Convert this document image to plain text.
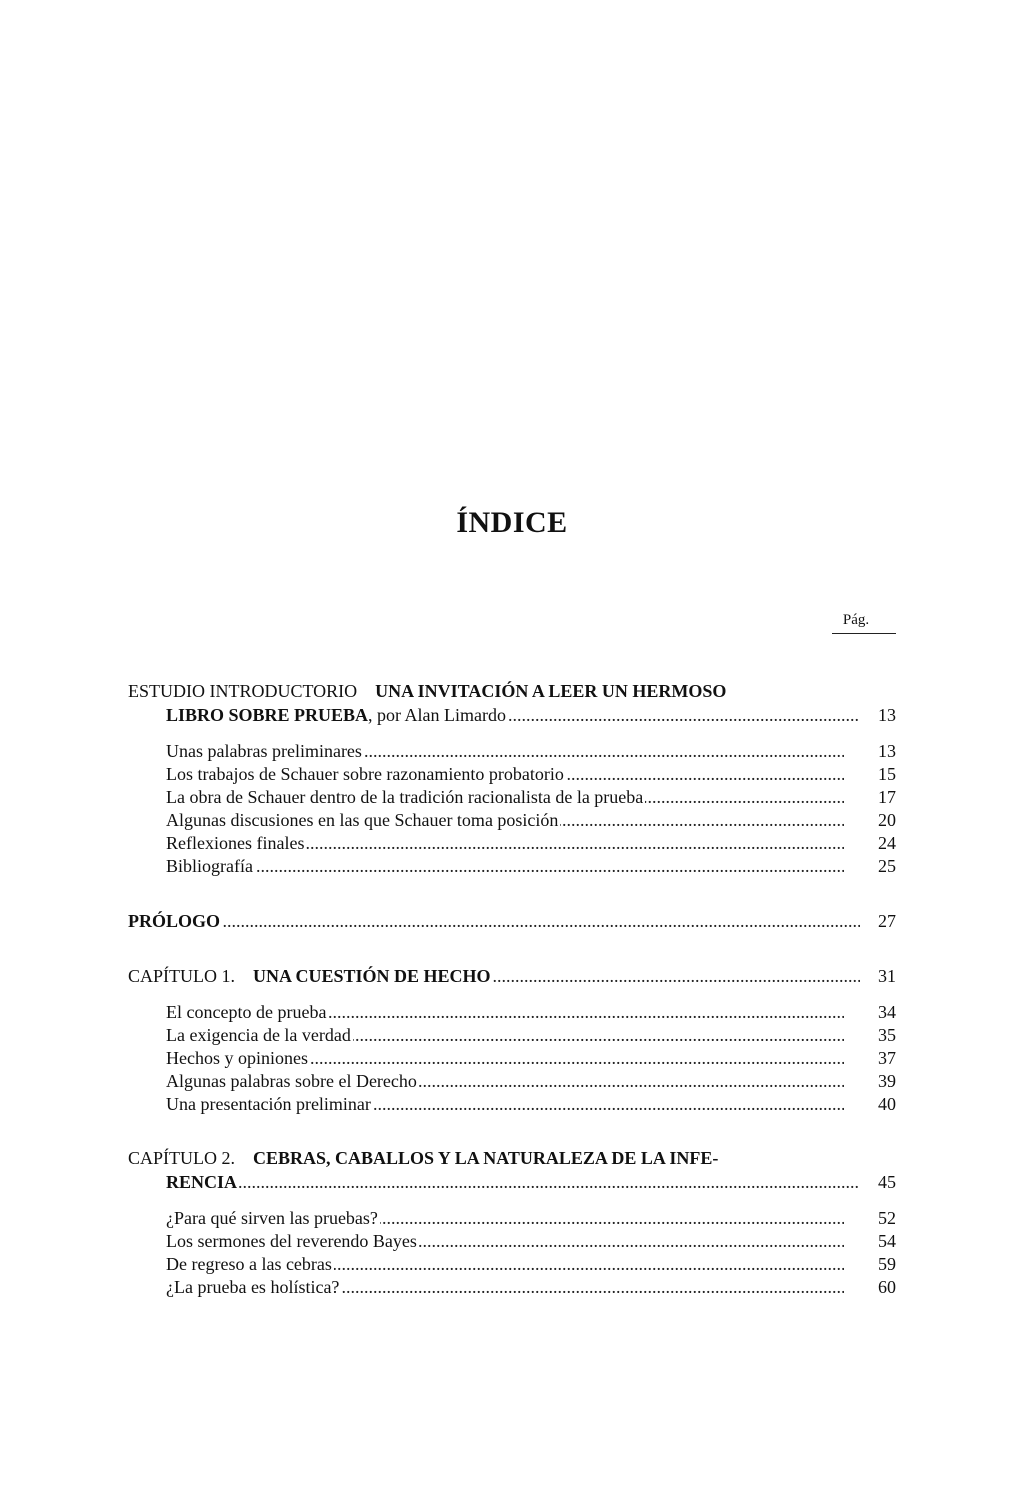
ÍNDICE
Pág.
ESTUDIO INTRODUCTORIO UNA INVITACIÓN A LEER UN HERMOSO
LIBRO SOBRE PRUEBA, por Alan Limardo .....	13
Unas palabras preliminares .....	13
Los trabajos de Schauer sobre razonamiento probatorio .....	15
La obra de Schauer dentro de la tradición racionalista de la prueba .....	17
Algunas discusiones en las que Schauer toma posición .....	20
Reflexiones finales .....	24
Bibliografía .....	25
PRÓLOGO .....	27
CAPÍTULO 1. UNA CUESTIÓN DE HECHO .....	31
El concepto de prueba .....	34
La exigencia de la verdad .....	35
Hechos y opiniones .....	37
Algunas palabras sobre el Derecho .....	39
Una presentación preliminar .....	40
CAPÍTULO 2. CEBRAS, CABALLOS Y LA NATURALEZA DE LA INFE-
RENCIA .....	45
¿Para qué sirven las pruebas? .....	52
Los sermones del reverendo Bayes .....	54
De regreso a las cebras .....	59
¿La prueba es holística? .....	60
